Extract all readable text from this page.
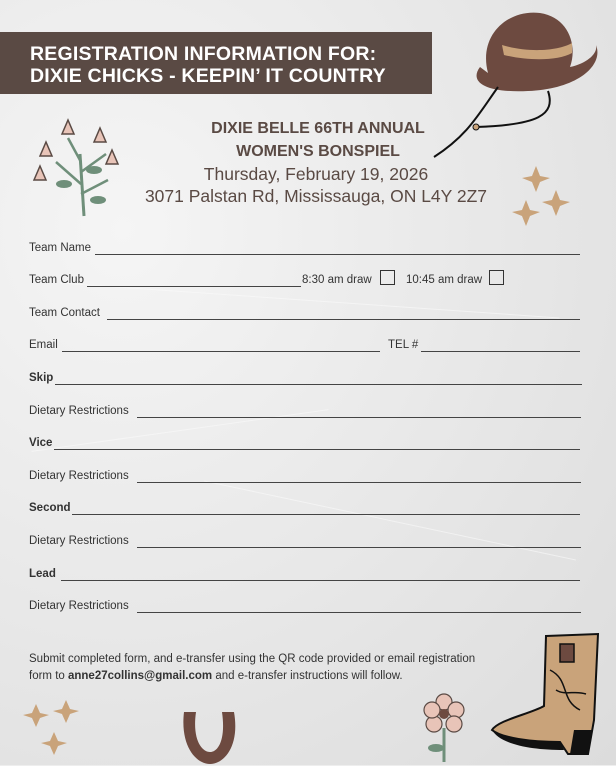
REGISTRATION INFORMATION FOR:
DIXIE CHICKS - KEEPIN’ IT COUNTRY
DIXIE BELLE 66TH ANNUAL
WOMEN'S BONSPIEL
Thursday, February 19, 2026
3071 Palstan Rd, Mississauga, ON L4Y 2Z7
Team Name
Team Club	8:30 am draw	10:45 am draw
Team Contact
Email	TEL #
Skip
Dietary Restrictions
Vice
Dietary Restrictions
Second
Dietary Restrictions
Lead
Dietary Restrictions
Submit completed form, and e-transfer using the QR code provided or email registration
form to anne27collins@gmail.com and e-transfer instructions will follow.
